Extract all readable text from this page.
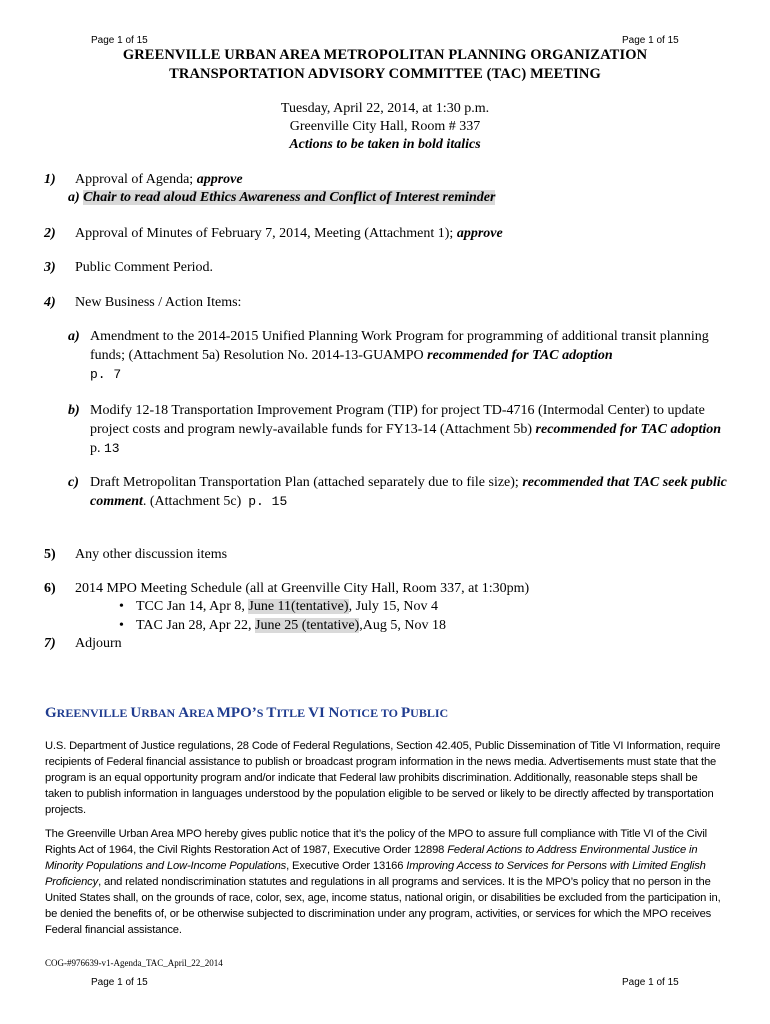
Page 1 of 15	Page 1 of 15
GREENVILLE URBAN AREA METROPOLITAN PLANNING ORGANIZATION
TRANSPORTATION ADVISORY COMMITTEE (TAC) MEETING
Tuesday, April 22, 2014, at 1:30 p.m.
Greenville City Hall, Room # 337
Actions to be taken in bold italics
1) Approval of Agenda; approve
a) Chair to read aloud Ethics Awareness and Conflict of Interest reminder
2) Approval of Minutes of February 7, 2014, Meeting (Attachment 1); approve
3) Public Comment Period.
4) New Business / Action Items:
a) Amendment to the 2014-2015 Unified Planning Work Program for programming of additional transit planning funds; (Attachment 5a) Resolution No. 2014-13-GUAMPO recommended for TAC adoption
p. 7
b) Modify 12-18 Transportation Improvement Program (TIP) for project TD-4716 (Intermodal Center) to update project costs and program newly-available funds for FY13-14 (Attachment 5b) recommended for TAC adoption p. 13
c) Draft Metropolitan Transportation Plan (attached separately due to file size); recommended that TAC seek public comment. (Attachment 5c) p. 15
5) Any other discussion items
6) 2014 MPO Meeting Schedule (all at Greenville City Hall, Room 337, at 1:30pm)
• TCC Jan 14, Apr 8, June 11(tentative), July 15, Nov 4
• TAC Jan 28, Apr 22, June 25 (tentative),Aug 5, Nov 18
7) Adjourn
GREENVILLE URBAN AREA MPO’S TITLE VI NOTICE TO PUBLIC
U.S. Department of Justice regulations, 28 Code of Federal Regulations, Section 42.405, Public Dissemination of Title VI Information, require recipients of Federal financial assistance to publish or broadcast program information in the news media. Advertisements must state that the program is an equal opportunity program and/or indicate that Federal law prohibits discrimination. Additionally, reasonable steps shall be taken to publish information in languages understood by the population eligible to be served or likely to be directly affected by transportation projects.
The Greenville Urban Area MPO hereby gives public notice that it’s the policy of the MPO to assure full compliance with Title VI of the Civil Rights Act of 1964, the Civil Rights Restoration Act of 1987, Executive Order 12898 Federal Actions to Address Environmental Justice in Minority Populations and Low-Income Populations, Executive Order 13166 Improving Access to Services for Persons with Limited English Proficiency, and related nondiscrimination statutes and regulations in all programs and services. It is the MPO’s policy that no person in the United States shall, on the grounds of race, color, sex, age, income status, national origin, or disabilities be excluded from the participation in, be denied the benefits of, or be otherwise subjected to discrimination under any program, activities, or services for which the MPO receives Federal financial assistance.
COG-#976639-v1-Agenda_TAC_April_22_2014
Page 1 of 15	Page 1 of 15
